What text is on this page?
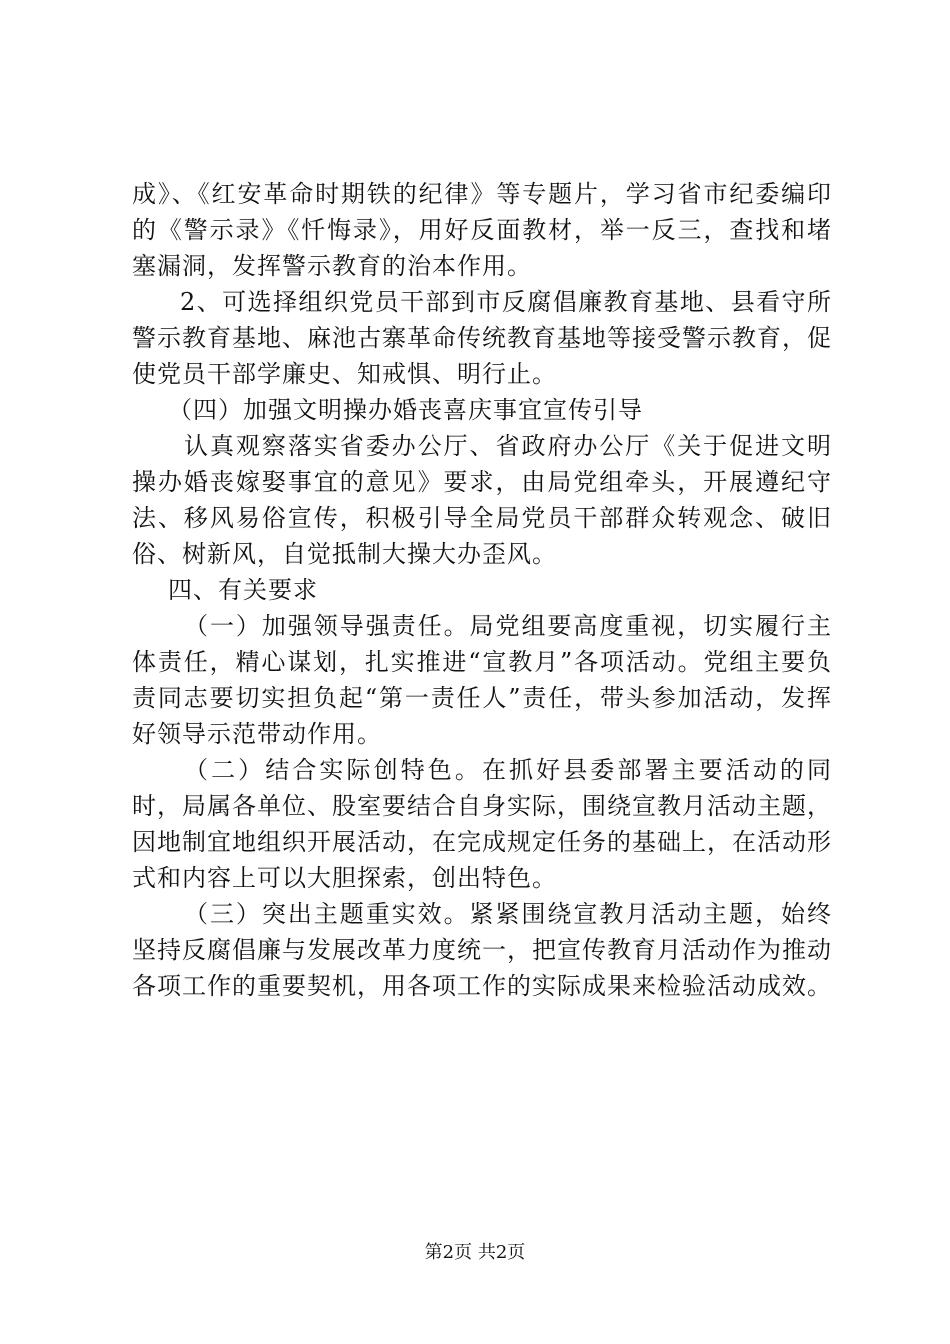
成》、《红安革命时期铁的纪律》等专题片，学习省市纪委编印的《警示录》《忏悔录》，用好反面教材，举一反三，查找和堵塞漏洞，发挥警示教育的治本作用。

2、可选择组织党员干部到市反腐倡廉教育基地、县看守所警示教育基地、麻池古寨革命传统教育基地等接受警示教育，促使党员干部学廉史、知戒惧、明行止。

（四）加强文明操办婚丧喜庆事宜宣传引导

认真观察落实省委办公厅、省政府办公厅《关于促进文明操办婚丧嫁娶事宜的意见》要求，由局党组牵头，开展遵纪守法、移风易俗宣传，积极引导全局党员干部群众转观念、破旧俗、树新风，自觉抵制大操大办歪风。

四、有关要求

（一）加强领导强责任。局党组要高度重视，切实履行主体责任，精心谋划，扎实推进“宣教月”各项活动。党组主要负责同志要切实担负起“第一责任人”责任，带头参加活动，发挥好领导示范带动作用。

（二）结合实际创特色。在抓好县委部署主要活动的同时，局属各单位、股室要结合自身实际，围绕宣教月活动主题，因地制宜地组织开展活动，在完成规定任务的基础上，在活动形式和内容上可以大胆探索，创出特色。

（三）突出主题重实效。紧紧围绕宣教月活动主题，始终坚持反腐倡廉与发展改革力度统一，把宣传教育月活动作为推动各项工作的重要契机，用各项工作的实际成果来检验活动成效。

第2页 共2页
